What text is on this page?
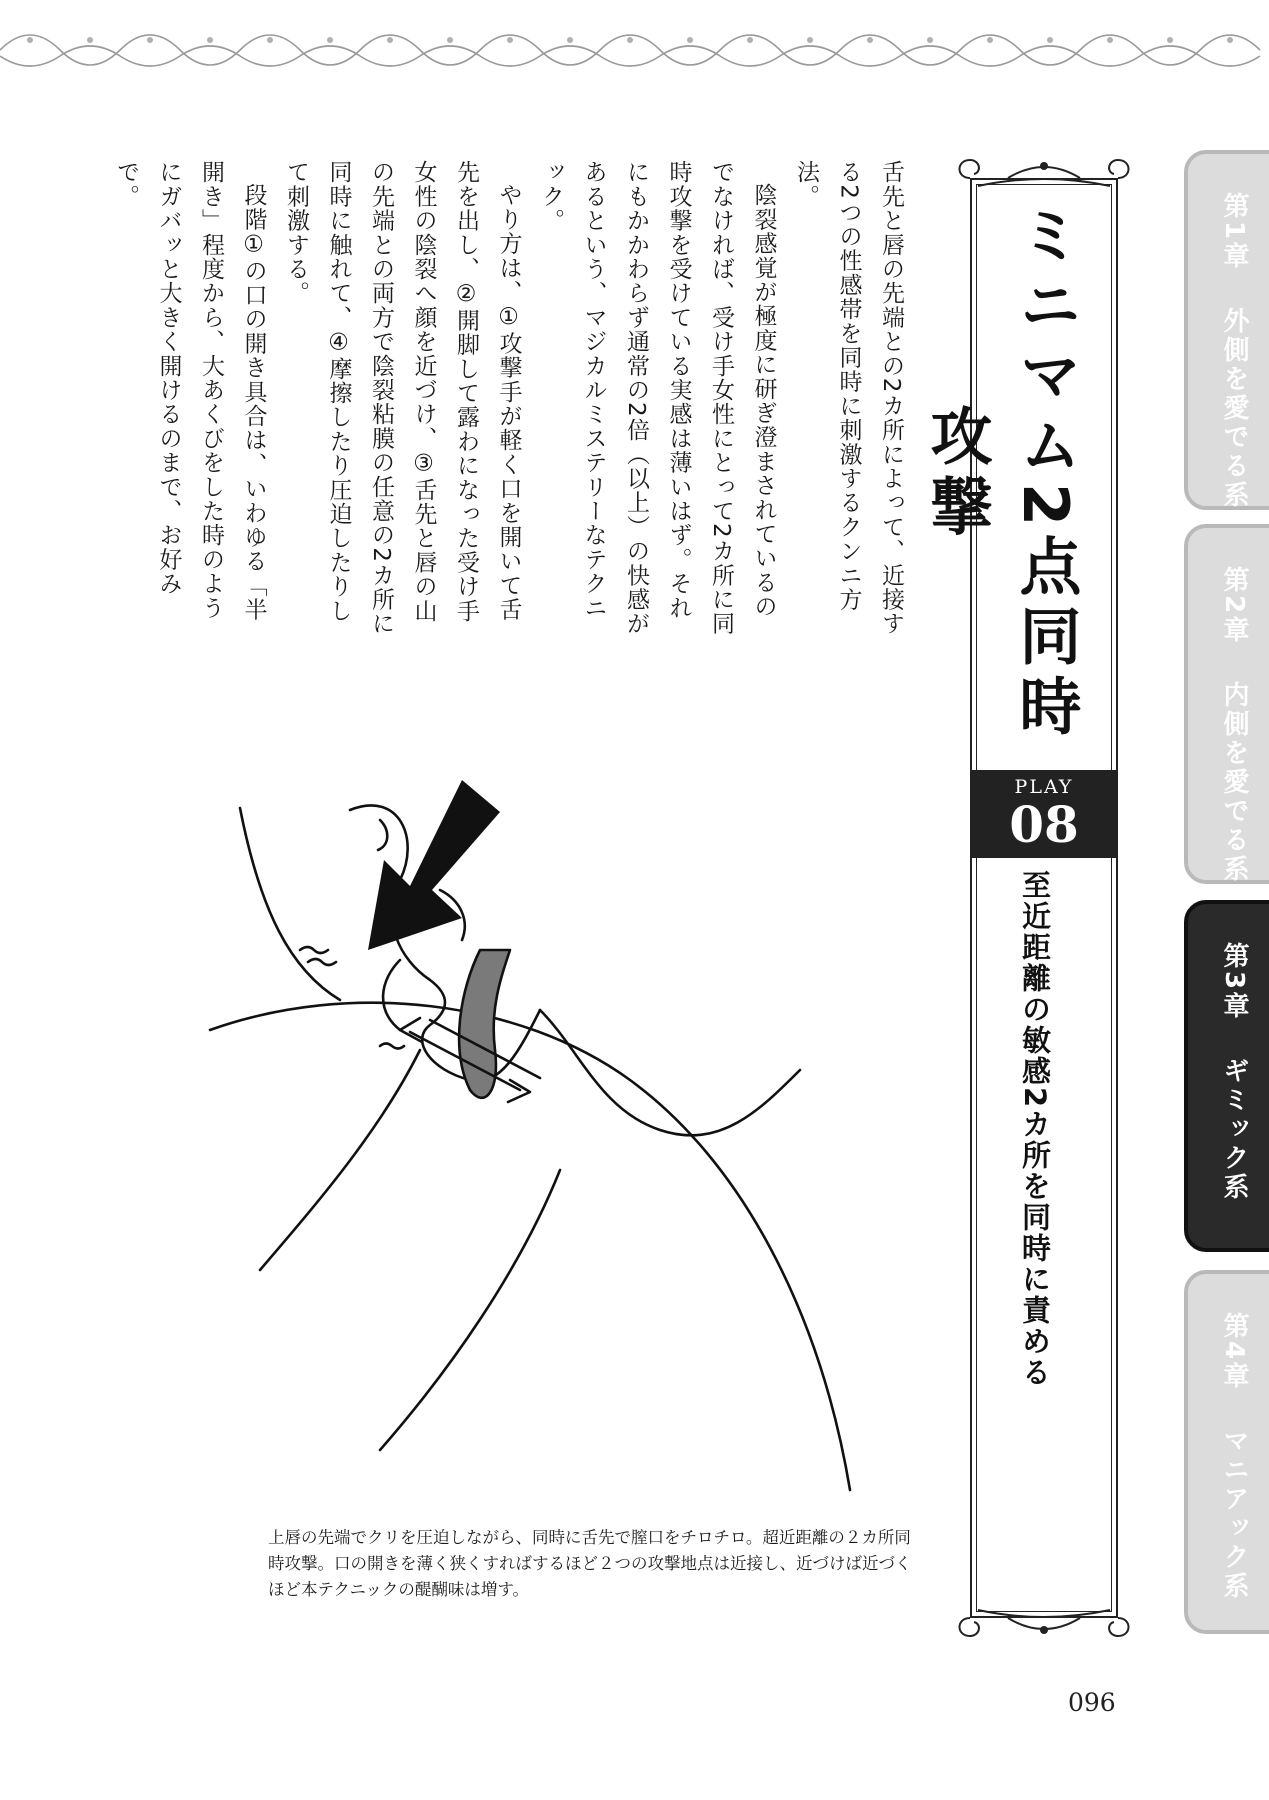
第1章 外側を愛でる系
第2章 内側を愛でる系
第3章 ギミック系
第4章 マニアック系
ミニマム2点同時攻撃
PLAY
08
至近距離の敏感2カ所を同時に責める

舌先と唇の先端との2カ所によって、近接する2つの性感帯を同時に刺激するクンニ方法。

陰裂感覚が極度に研ぎ澄まされているのでなければ、受け手女性にとって2カ所に同時攻撃を受けている実感は薄いはず。それにもかかわらず通常の2倍（以上）の快感があるという、マジカルミステリーなテクニック。

やり方は、①攻撃手が軽く口を開いて舌先を出し、②開脚して露わになった受け手女性の陰裂へ顔を近づけ、③舌先と唇の山の先端との両方で陰裂粘膜の任意の2カ所に同時に触れて、④摩擦したり圧迫したりして刺激する。

段階①の口の開き具合は、いわゆる「半開き」程度から、大あくびをした時のようにガバッと大きく開けるのまで、お好みで。

上唇の先端でクリを圧迫しながら、同時に舌先で膣口をチロチロ。超近距離の２カ所同時攻撃。口の開きを薄く狭くすればするほど２つの攻撃地点は近接し、近づけば近づくほど本テクニックの醍醐味は増す。
096
